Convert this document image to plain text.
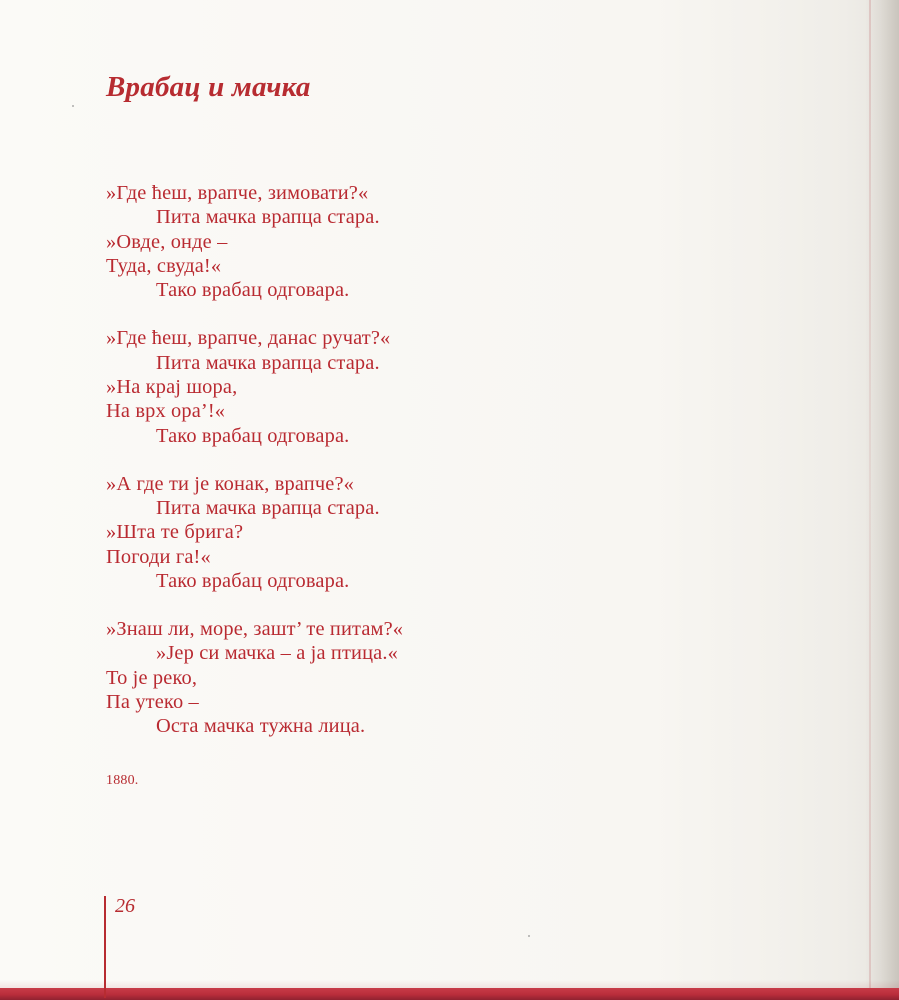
Врабац и мачка
»Где ћеш, врапче, зимовати?«
Пита мачка врапца стара.
»Овде, онде –
Туда, свуда!«
Тако врабац одговара.
»Где ћеш, врапче, данас ручат?«
Пита мачка врапца стара.
»На крај шора,
На врх ора’!«
Тако врабац одговара.
»А где ти је конак, врапче?«
Пита мачка врапца стара.
»Шта те брига?
Погоди га!«
Тако врабац одговара.
»Знаш ли, море, зашт’ те питам?«
»Јер си мачка – а ја птица.«
То је реко,
Па утеко –
Оста мачка тужна лица.
1880.
26
